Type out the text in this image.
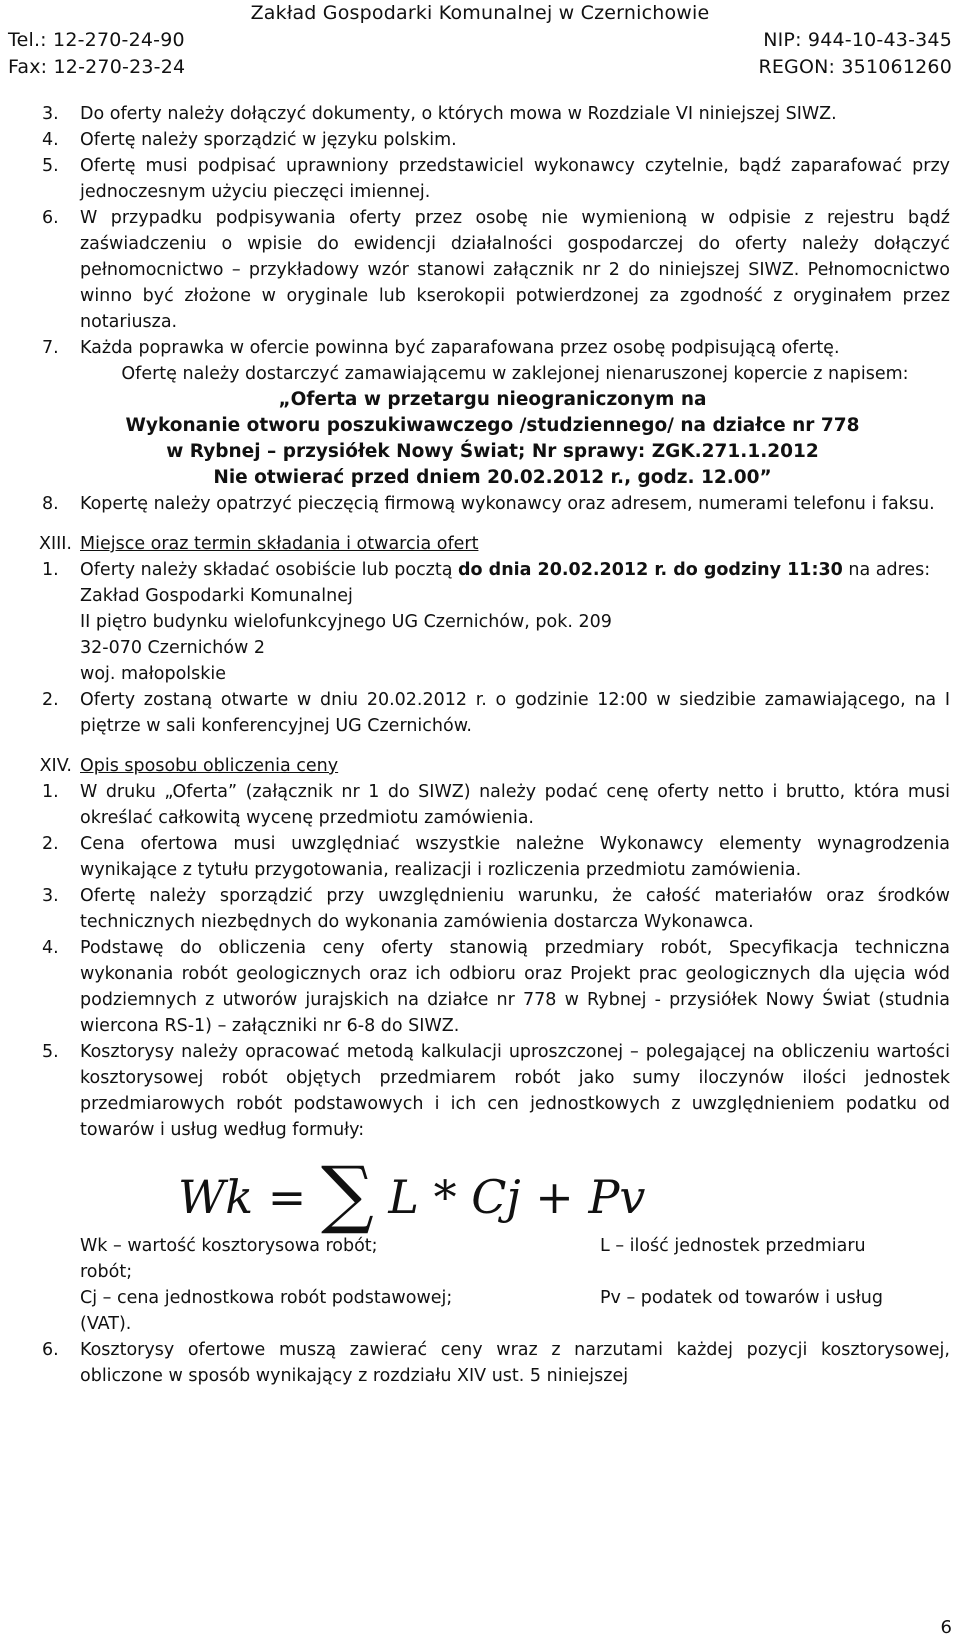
Zakład Gospodarki Komunalnej w Czernichowie
Tel.: 12-270-24-90	NIP: 944-10-43-345
Fax: 12-270-23-24	REGON: 351061260
3.	Do oferty należy dołączyć dokumenty, o których mowa w Rozdziale VI niniejszej SIWZ.
4.	Ofertę należy sporządzić w języku polskim.
5.	Ofertę musi podpisać uprawniony przedstawiciel wykonawcy czytelnie, bądź zaparafować przy jednoczesnym użyciu pieczęci imiennej.
6.	W przypadku podpisywania oferty przez osobę nie wymienioną w odpisie z rejestru bądź zaświadczeniu o wpisie do ewidencji działalności gospodarczej do oferty należy dołączyć pełnomocnictwo – przykładowy wzór stanowi załącznik nr 2 do niniejszej SIWZ. Pełnomocnictwo winno być złożone w oryginale lub kserokopii potwierdzonej za zgodność z oryginałem przez notariusza.
7.	Każda poprawka w ofercie powinna być zaparafowana przez osobę podpisującą ofertę.
Ofertę należy dostarczyć zamawiającemu w zaklejonej nienaruszonej kopercie z napisem:
„Oferta w przetargu nieograniczonym na
Wykonanie otworu poszukiwawczego /studziennego/ na działce nr 778
w Rybnej – przysiółek Nowy Świat; Nr sprawy: ZGK.271.1.2012
Nie otwierać przed dniem 20.02.2012 r., godz. 12.00”
8.	Kopertę należy opatrzyć pieczęcią firmową wykonawcy oraz adresem, numerami telefonu i faksu.
XIII. Miejsce oraz termin składania i otwarcia ofert
1.	Oferty należy składać osobiście lub pocztą do dnia 20.02.2012 r. do godziny 11:30 na adres:
Zakład Gospodarki Komunalnej
II piętro budynku wielofunkcyjnego UG Czernichów, pok. 209
32-070 Czernichów 2
woj. małopolskie
2.	Oferty zostaną otwarte w dniu 20.02.2012 r. o godzinie 12:00 w siedzibie zamawiającego, na I piętrze w sali konferencyjnej UG Czernichów.
XIV. Opis sposobu obliczenia ceny
1.	W druku „Oferta” (załącznik nr 1 do SIWZ) należy podać cenę oferty netto i brutto, która musi określać całkowitą wycenę przedmiotu zamówienia.
2.	Cena ofertowa musi uwzględniać wszystkie należne Wykonawcy elementy wynagrodzenia wynikające z tytułu przygotowania, realizacji i rozliczenia przedmiotu zamówienia.
3.	Ofertę należy sporządzić przy uwzględnieniu warunku, że całość materiałów oraz środków technicznych niezbędnych do wykonania zamówienia dostarcza Wykonawca.
4.	Podstawę do obliczenia ceny oferty stanowią przedmiary robót, Specyfikacja techniczna wykonania robót geologicznych oraz ich odbioru oraz Projekt prac geologicznych dla ujęcia wód podziemnych z utworów jurajskich na działce nr 778 w Rybnej - przysiółek Nowy Świat (studnia wiercona RS-1) – załączniki nr 6-8 do SIWZ.
5.	Kosztorysy należy opracować metodą kalkulacji uproszczonej – polegającej na obliczeniu wartości kosztorysowej robót objętych przedmiarem robót jako sumy iloczynów ilości jednostek przedmiarowych robót podstawowych i ich cen jednostkowych z uwzględnieniem podatku od towarów i usług według formuły:
Wk = ∑ L * Cj + Pv
Wk – wartość kosztorysowa robót;	L – ilość jednostek przedmiaru
robót;
Cj – cena jednostkowa robót podstawowej;	Pv – podatek od towarów i usług
(VAT).
6.	Kosztorysy ofertowe muszą zawierać ceny wraz z narzutami każdej pozycji kosztorysowej, obliczone w sposób wynikający z rozdziału XIV ust. 5 niniejszej
6
